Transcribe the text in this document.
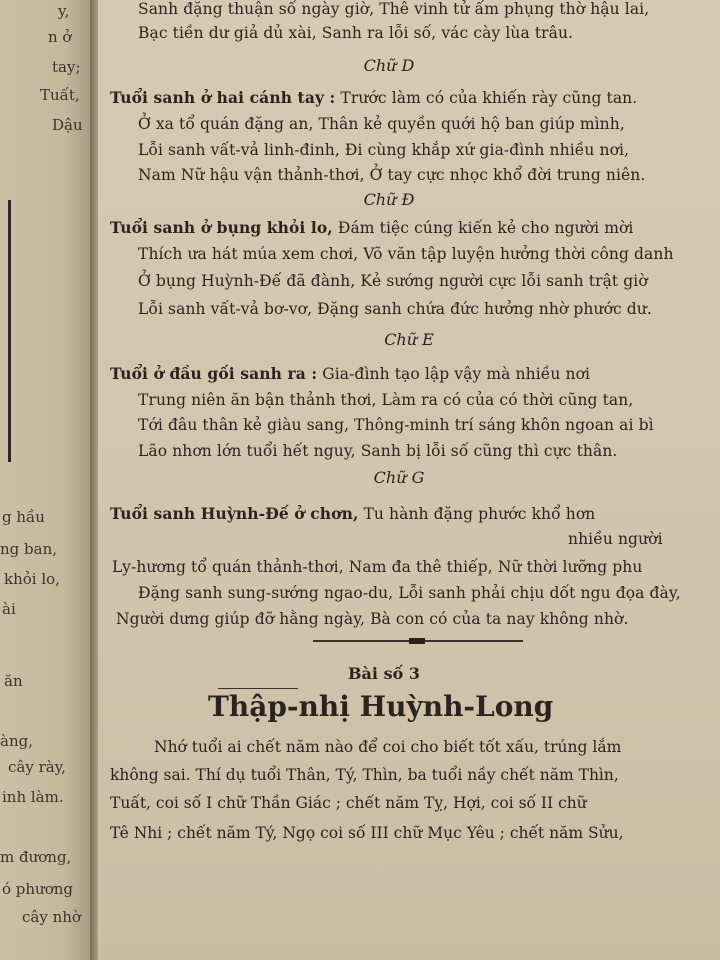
y,
n ở
tay;
Tuất,
Dậu
g hầu
ng ban,
khỏi lo,
ài
ăn
àng,
cây rày,
inh làm.
m đương,
ó phương
cây nhờ
Sanh đặng thuận số ngày giờ, Thê vinh tử ấm phụng thờ hậu lai,
Bạc tiền dư giả dủ xài, Sanh ra lỗi số, vác cày lùa trâu.
Chữ D
Tuổi sanh ở hai cánh tay : Trước làm có của khiến rày cũng tan.
Ở xa tổ quán đặng an, Thân kẻ quyền quới hộ ban giúp mình,
Lỗi sanh vất-vả linh-đinh, Đi cùng khắp xứ gia-đình nhiều nơi,
Nam Nữ hậu vận thảnh-thơi, Ở tay cực nhọc khổ đời trung niên.
Chữ Đ
Tuổi sanh ở bụng khỏi lo, Đám tiệc cúng kiến kẻ cho người mời
Thích ưa hát múa xem chơi, Võ văn tập luyện hưởng thời công danh
Ở bụng Huỳnh-Đế đã đành, Kẻ sướng người cực lỗi sanh trật giờ
Lỗi sanh vất-vả bơ-vơ, Đặng sanh chứa đức hưởng nhờ phước dư.
Chữ E
Tuổi ở đầu gối sanh ra : Gia-đình tạo lập vậy mà nhiều nơi
Trung niên ăn bận thảnh thơi, Làm ra có của có thời cũng tan,
Tới đâu thân kẻ giàu sang, Thông-minh trí sáng khôn ngoan ai bì
Lão nhơn lớn tuổi hết nguy, Sanh bị lỗi số cũng thì cực thân.
Chữ G
Tuổi sanh Huỳnh-Đế ở chơn, Tu hành đặng phước khổ hơn
nhiều người
Ly-hương tổ quán thảnh-thơi, Nam đa thê thiếp, Nữ thời lưỡng phu
Đặng sanh sung-sướng ngao-du, Lỗi sanh phải chịu dốt ngu đọa đày,
Người dưng giúp đỡ hằng ngày, Bà con có của ta nay không nhờ.
Bài số 3
Thập-nhị Huỳnh-Long
Nhớ tuổi ai chết năm nào để coi cho biết tốt xấu, trúng lắm
không sai. Thí dụ tuổi Thân, Tý, Thìn, ba tuổi nầy chết năm Thìn,
Tuất, coi số I chữ Thần Giác ; chết năm Tỵ, Hợi, coi số II chữ
Tê Nhi ; chết năm Tý, Ngọ coi số III chữ Mục Yêu ; chết năm Sửu,
